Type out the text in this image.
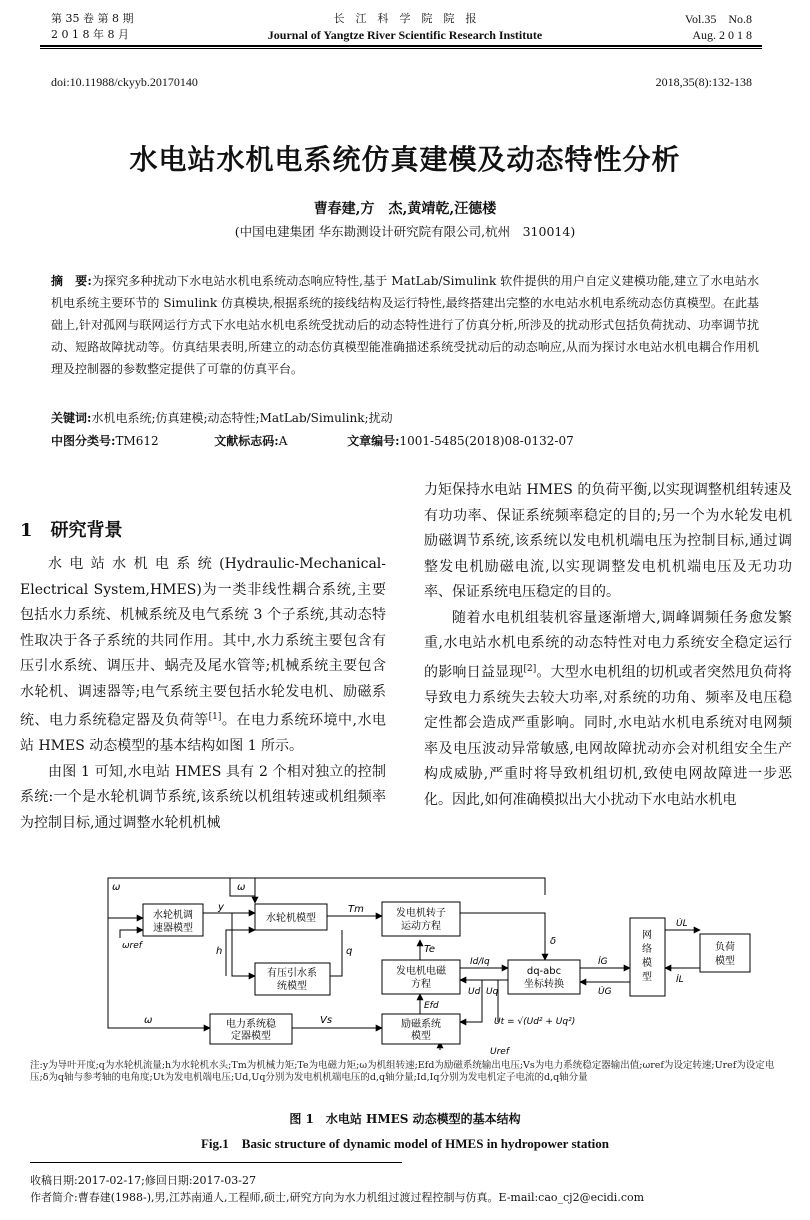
第 35 卷 第 8 期
2 0 1 8 年 8 月
长　江　科　学　院　院　报
Journal of Yangtze River Scientific Research Institute
Vol.35　No.8
Aug. 2 0 1 8
doi:10.11988/ckyyb.20170140	2018,35(8):132-138
水电站水机电系统仿真建模及动态特性分析
曹春建,方　杰,黄靖乾,汪德楼
(中国电建集团 华东勘测设计研究院有限公司,杭州　310014)
摘　要:为探究多种扰动下水电站水机电系统动态响应特性,基于 MatLab/Simulink 软件提供的用户自定义建模功能,建立了水电站水机电系统主要环节的 Simulink 仿真模块,根据系统的接线结构及运行特性,最终搭建出完整的水电站水机电系统动态仿真模型。在此基础上,针对孤网与联网运行方式下水电站水机电系统受扰动后的动态特性进行了仿真分析,所涉及的扰动形式包括负荷扰动、功率调节扰动、短路故障扰动等。仿真结果表明,所建立的动态仿真模型能准确描述系统受扰动后的动态响应,从而为探讨水电站水机电耦合作用机理及控制器的参数整定提供了可靠的仿真平台。
关键词:水机电系统;仿真建模;动态特性;MatLab/Simulink;扰动
中图分类号:TM612	文献标志码:A	文章编号:1001-5485(2018)08-0132-07
1　研究背景

水电站水机电系统(Hydraulic-Mechanical-Electrical System,HMES)为一类非线性耦合系统,主要包括水力系统、机械系统及电气系统 3 个子系统,其动态特性取决于各子系统的共同作用。其中,水力系统主要包含有压引水系统、调压井、蜗壳及尾水管等;机械系统主要包含水轮机、调速器等;电气系统主要包括水轮发电机、励磁系统、电力系统稳定器及负荷等[1]。在电力系统环境中,水电站 HMES 动态模型的基本结构如图 1 所示。

由图 1 可知,水电站 HMES 具有 2 个相对独立的控制系统:一个是水轮机调节系统,该系统以机组转速或机组频率为控制目标,通过调整水轮机机械

力矩保持水电站 HMES 的负荷平衡,以实现调整机组转速及有功功率、保证系统频率稳定的目的;另一个为水轮发电机励磁调节系统,该系统以发电机机端电压为控制目标,通过调整发电机励磁电流,以实现调整发电机机端电压及无功功率、保证系统电压稳定的目的。

随着水电机组装机容量逐渐增大,调峰调频任务愈发繁重,水电站水机电系统的动态特性对电力系统安全稳定运行的影响日益显现[2]。大型水电机组的切机或者突然甩负荷将导致电力系统失去较大功率,对系统的功角、频率及电压稳定性都会造成严重影响。同时,水电站水机电系统对电网频率及电压波动异常敏感,电网故障扰动亦会对机组安全生产构成威胁,严重时将导致机组切机,致使电网故障进一步恶化。因此,如何准确模拟出大小扰动下水电站水机电

水轮机调
速器模型
水轮机模型
有压引水系
统模型
发电机转子
运动方程
发电机电磁
方程
dq-abc
坐标转换
电力系统稳
定器模型
励磁系统
模型
网
络
模
型
负荷
模型
ω	ω
ωref
y
h	q
Tm
Te
δ
Id/Iq
Ud Uq
Ut = √(Ud² + Uq²)
Efd
ω	Vs
Uref
İG
U̇G
U̇L
İL
注:y为导叶开度;q为水轮机流量;h为水轮机水头;Tm为机械力矩;Te为电磁力矩;ω为机组转速;Efd为励磁系统输出电压;Vs为电力系统稳定器输出值;ωref为设定转速;Uref为设定电压;δ为q轴与参考轴的电角度;Ut为发电机端电压;Ud,Uq分别为发电机机端电压的d,q轴分量;Id,Iq分别为发电机定子电流的d,q轴分量
图 1　水电站 HMES 动态模型的基本结构
Fig.1　Basic structure of dynamic model of HMES in hydropower station
收稿日期:2017-02-17;修回日期:2017-03-27
作者简介:曹春建(1988-),男,江苏南通人,工程师,硕士,研究方向为水力机组过渡过程控制与仿真。E-mail:cao_cj2@ecidi.com
